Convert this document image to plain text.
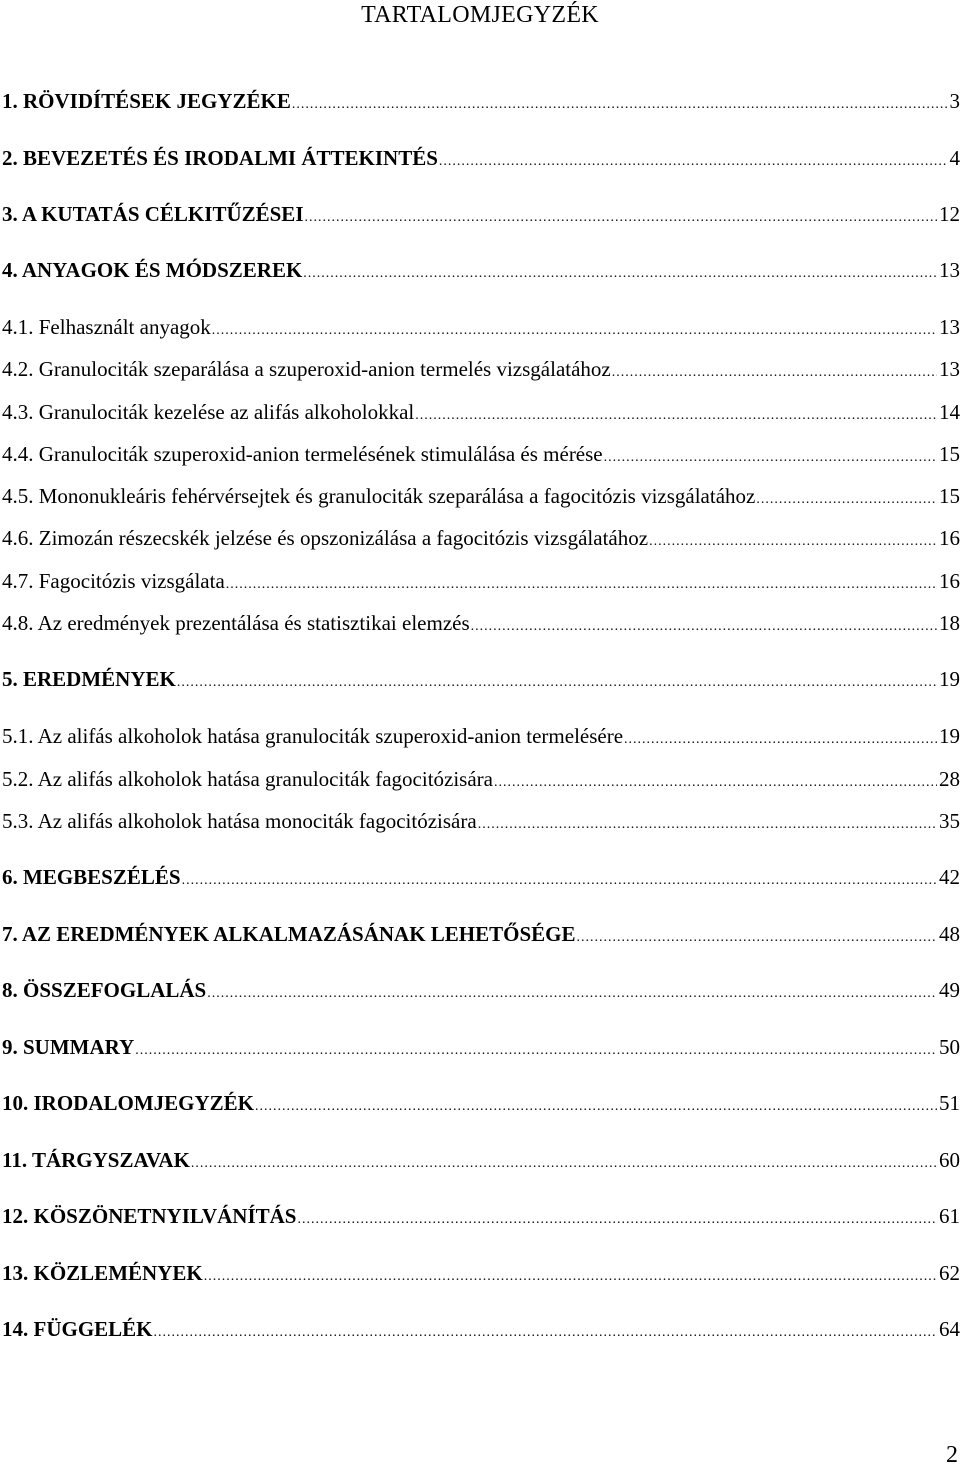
TARTALOMJEGYZÉK
1. RÖVIDÍTÉSEK JEGYZÉKE .....	3
2. BEVEZETÉS ÉS IRODALMI ÁTTEKINTÉS .....	4
3. A KUTATÁS CÉLKITŰZÉSEI .....	12
4. ANYAGOK ÉS MÓDSZEREK .....	13
4.1. Felhasznált anyagok .....	13
4.2. Granulociták szeparálása a szuperoxid-anion termelés vizsgálatához .....	13
4.3. Granulociták kezelése az alifás alkoholokkal .....	14
4.4. Granulociták szuperoxid-anion termelésének stimulálása és mérése .....	15
4.5. Mononukleáris fehérvérsejtek és granulociták szeparálása a fagocitózis vizsgálatához .....	15
4.6. Zimozán részecskék jelzése és opszonizálása a fagocitózis vizsgálatához .....	16
4.7. Fagocitózis vizsgálata .....	16
4.8. Az eredmények prezentálása és statisztikai elemzés .....	18
5. EREDMÉNYEK .....	19
5.1. Az alifás alkoholok hatása granulociták szuperoxid-anion termelésére .....	19
5.2. Az alifás alkoholok hatása granulociták fagocitózisára .....	28
5.3. Az alifás alkoholok hatása monociták fagocitózisára .....	35
6. MEGBESZÉLÉS .....	42
7. AZ EREDMÉNYEK ALKALMAZÁSÁNAK LEHETŐSÉGE .....	48
8. ÖSSZEFOGLALÁS .....	49
9. SUMMARY .....	50
10. IRODALOMJEGYZÉK .....	51
11. TÁRGYSZAVAK .....	60
12. KÖSZÖNETNYILVÁNÍTÁS .....	61
13. KÖZLEMÉNYEK .....	62
14. FÜGGELÉK .....	64
2
